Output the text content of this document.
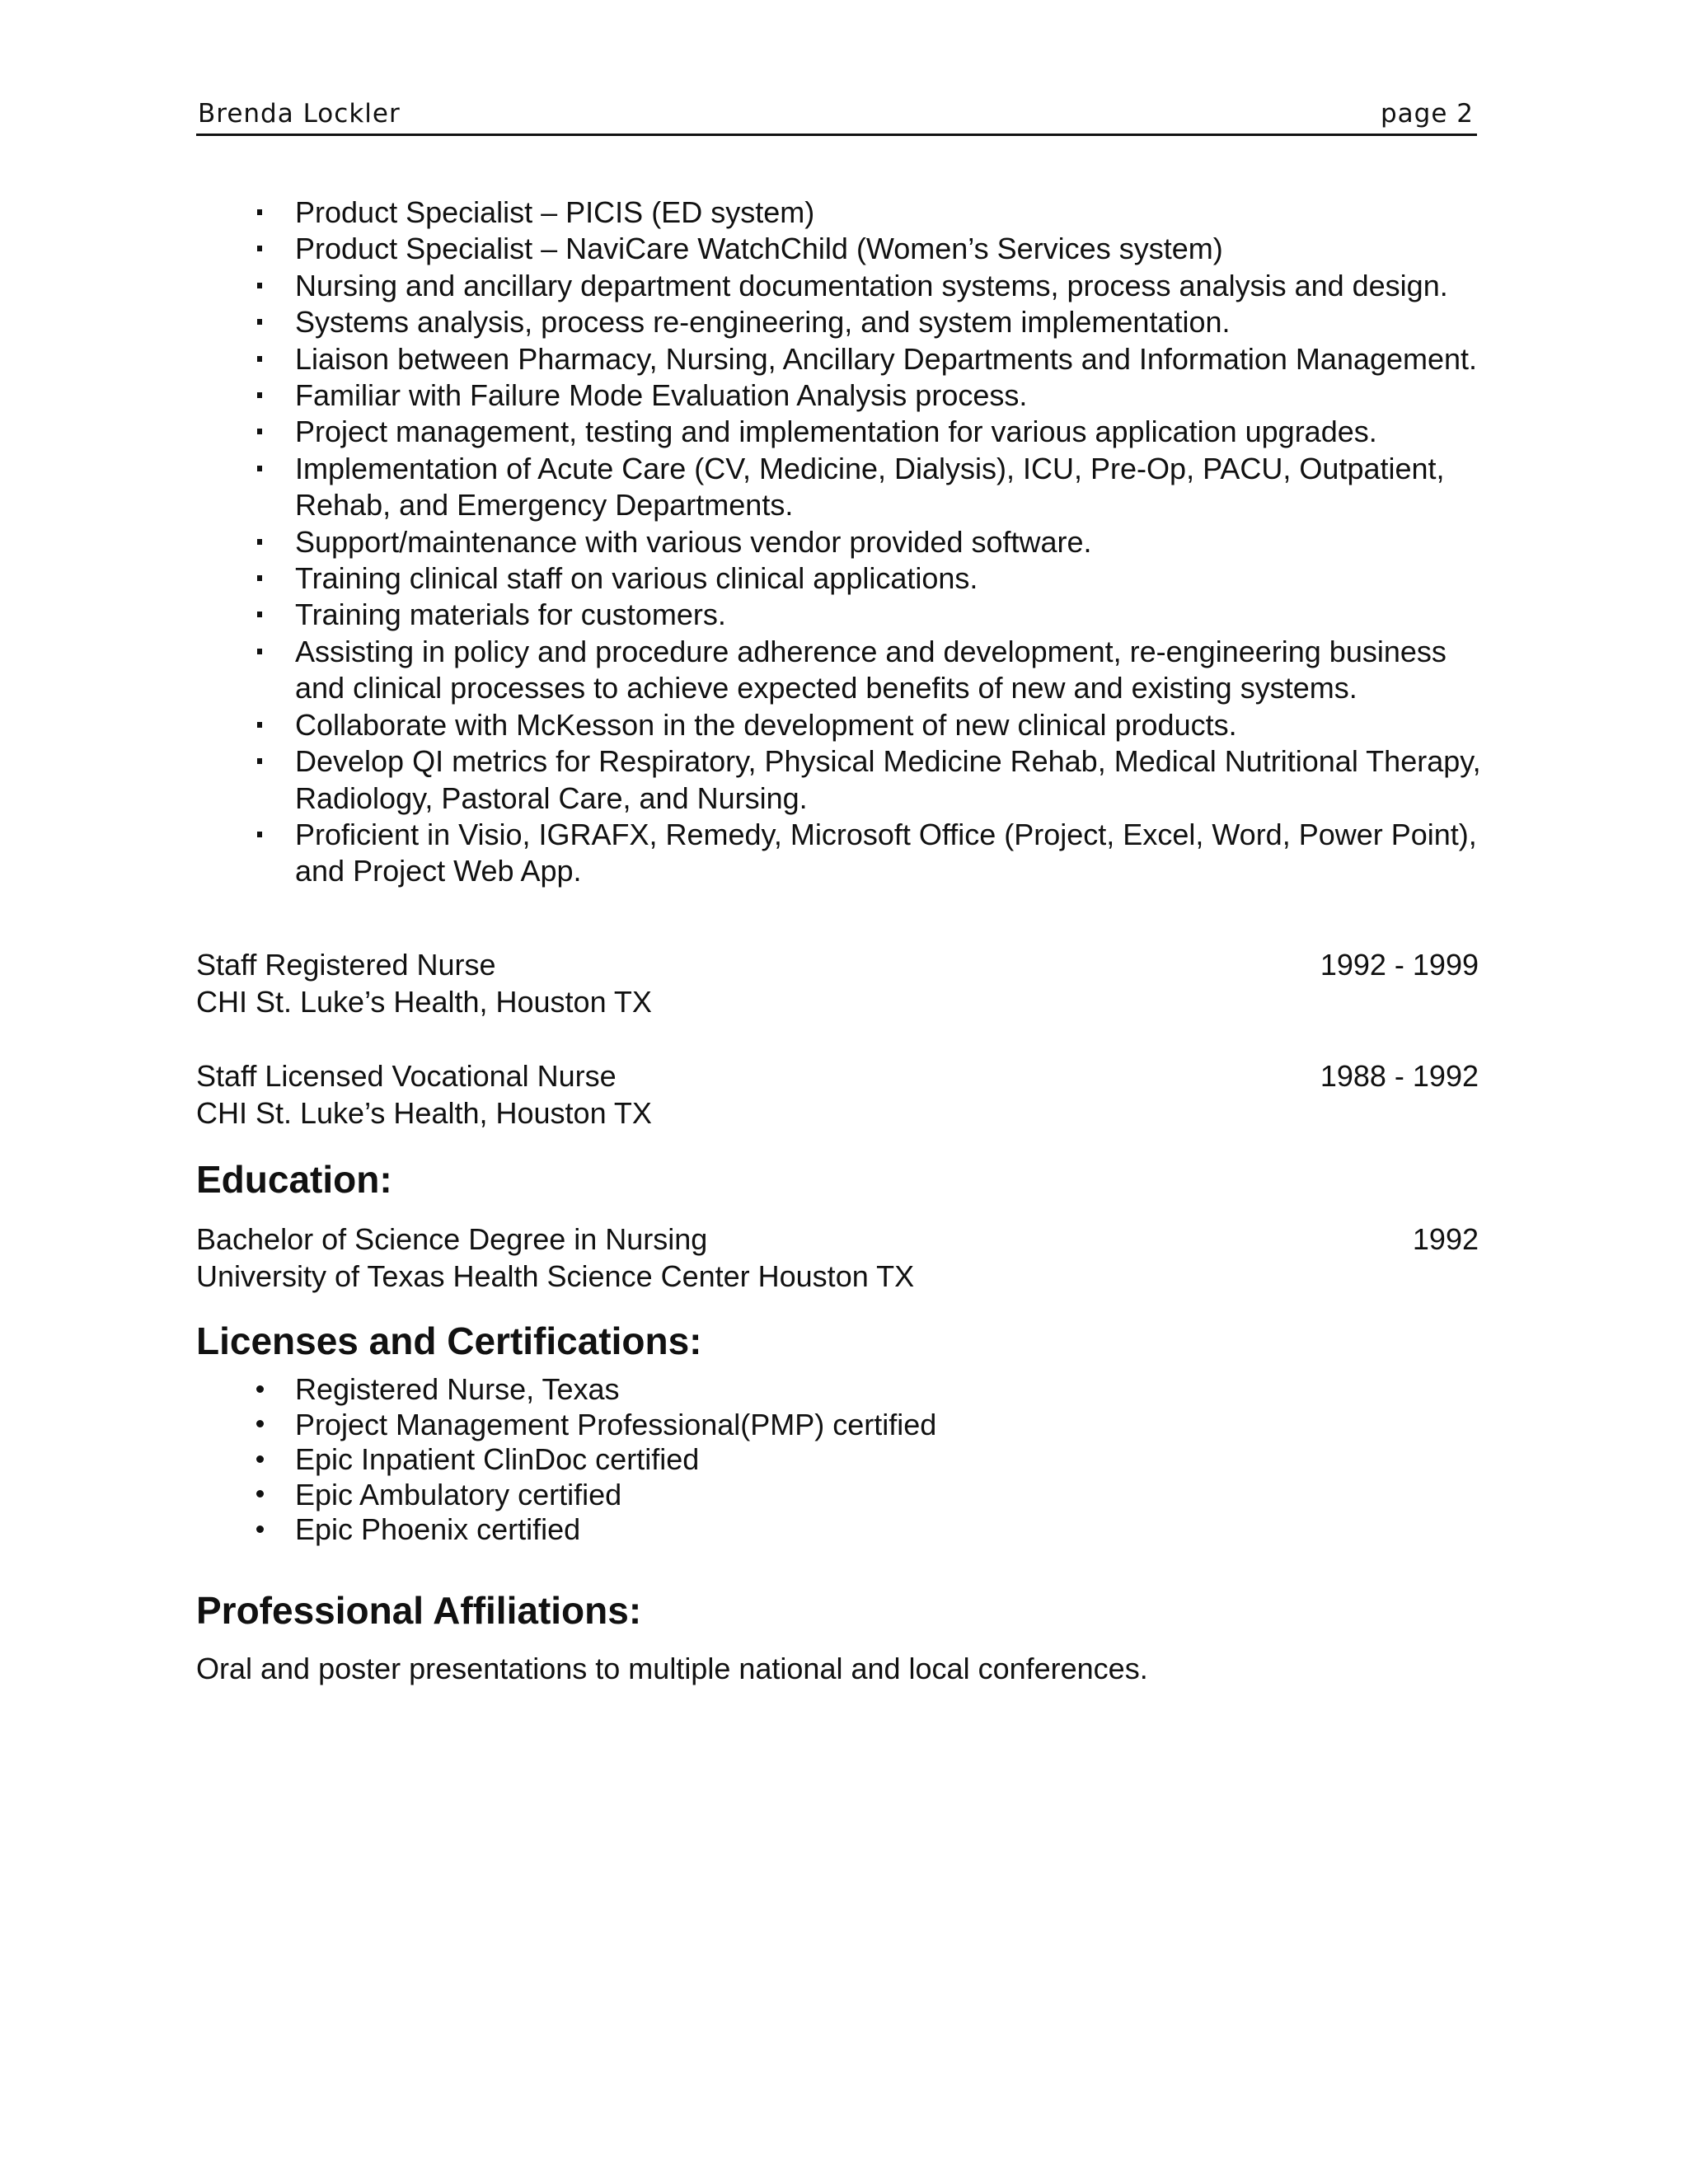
Brenda Lockler	page 2
Product Specialist – PICIS (ED system)
Product Specialist – NaviCare WatchChild (Women’s Services system)
Nursing and ancillary department documentation systems, process analysis and design.
Systems analysis, process re-engineering, and system implementation.
Liaison between Pharmacy, Nursing, Ancillary Departments and Information Management.
Familiar with Failure Mode Evaluation Analysis process.
Project management, testing and implementation for various application upgrades.
Implementation of Acute Care (CV, Medicine, Dialysis), ICU, Pre-Op, PACU, Outpatient, Rehab, and Emergency Departments.
Support/maintenance with various vendor provided software.
Training clinical staff on various clinical applications.
Training materials for customers.
Assisting in policy and procedure adherence and development, re-engineering business and clinical processes to achieve expected benefits of new and existing systems.
Collaborate with McKesson in the development of new clinical products.
Develop QI metrics for Respiratory, Physical Medicine Rehab, Medical Nutritional Therapy, Radiology, Pastoral Care, and Nursing.
Proficient in Visio, IGRAFX, Remedy, Microsoft Office (Project, Excel, Word, Power Point), and Project Web App.
Staff Registered Nurse	1992 - 1999
CHI St. Luke’s Health, Houston TX
Staff Licensed Vocational Nurse	1988 - 1992
CHI St. Luke’s Health, Houston TX
Education:
Bachelor of Science Degree in Nursing	1992
University of Texas Health Science Center Houston TX
Licenses and Certifications:
Registered Nurse, Texas
Project Management Professional(PMP) certified
Epic Inpatient ClinDoc certified
Epic Ambulatory certified
Epic Phoenix certified
Professional Affiliations:
Oral and poster presentations to multiple national and local conferences.
